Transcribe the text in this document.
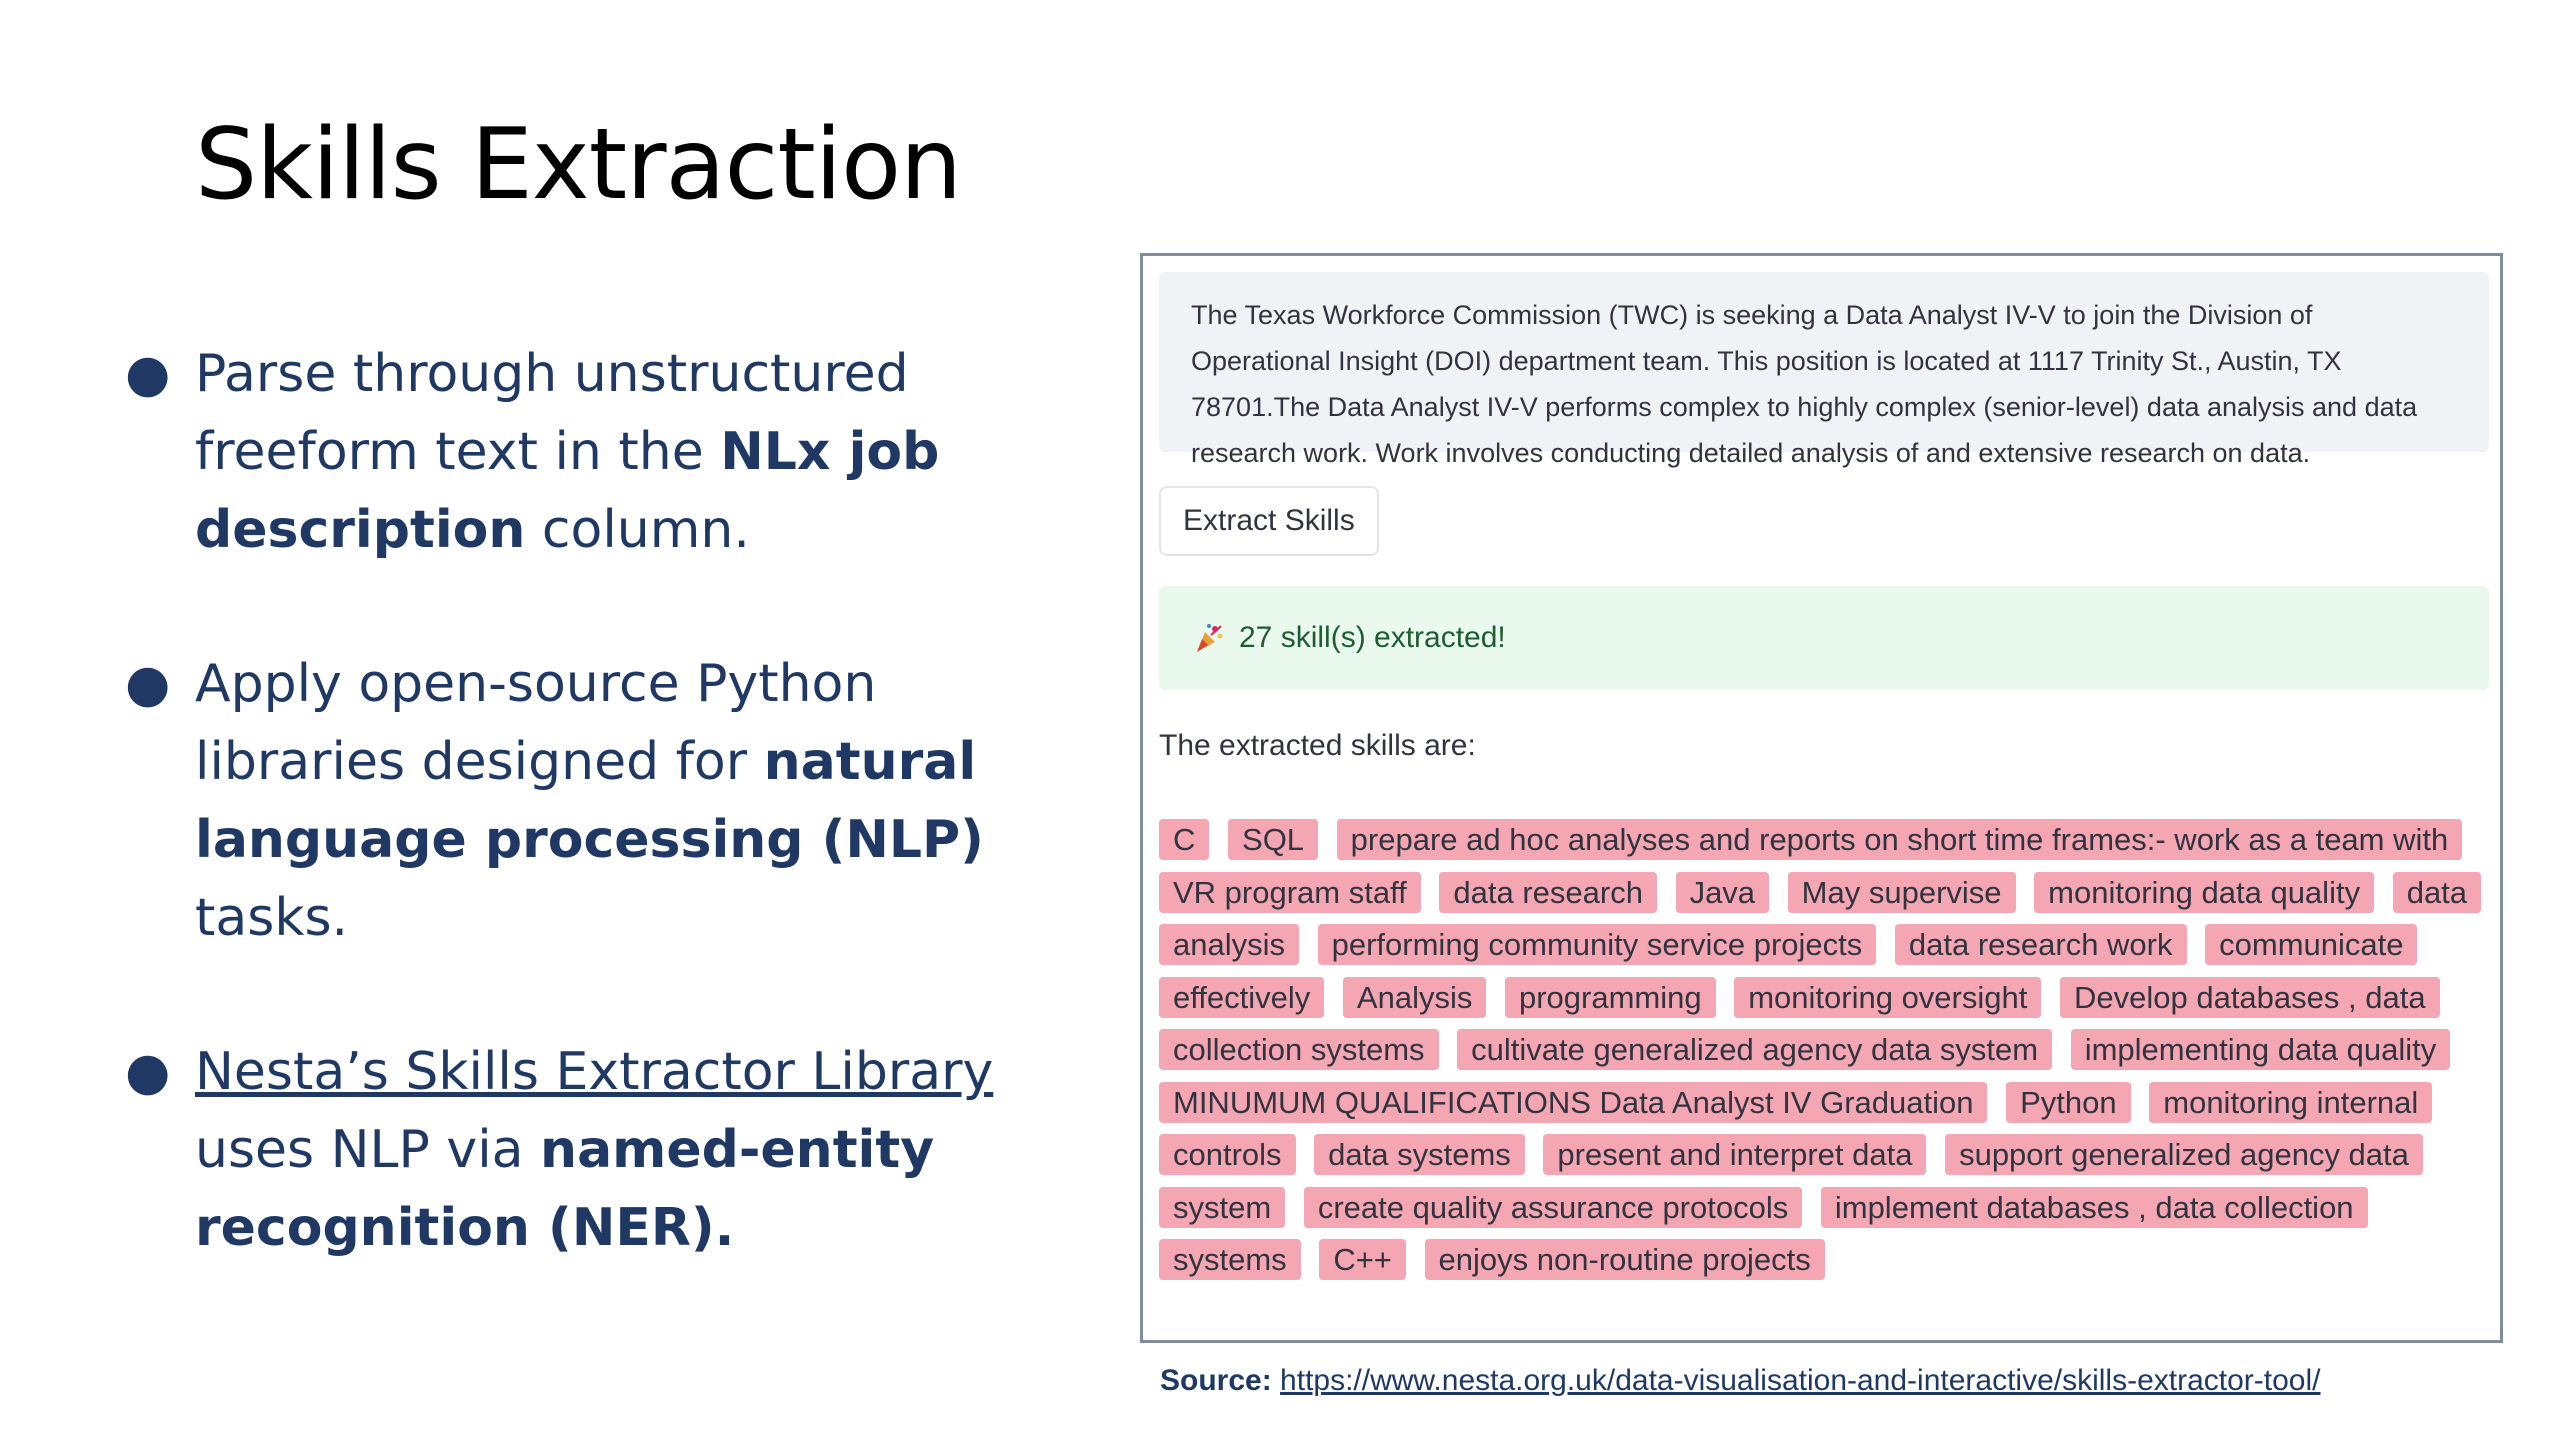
Skills Extraction
● Parse through unstructured freeform text in the NLx job description column.
● Apply open-source Python libraries designed for natural language processing (NLP) tasks.
● Nesta’s Skills Extractor Library uses NLP via named-entity recognition (NER).
The Texas Workforce Commission (TWC) is seeking a Data Analyst IV-V to join the Division of Operational Insight (DOI) department team. This position is located at 1117 Trinity St., Austin, TX 78701.The Data Analyst IV-V performs complex to highly complex (senior-level) data analysis and data research work. Work involves conducting detailed analysis of and extensive research on data.
Extract Skills
27 skill(s) extracted!
The extracted skills are:
C SQL prepare ad hoc analyses and reports on short time frames:- work as a team with VR program staff data research Java May supervise monitoring data quality data analysis performing community service projects data research work communicate effectively Analysis programming monitoring oversight Develop databases , data collection systems cultivate generalized agency data system implementing data quality MINUMUM QUALIFICATIONS Data Analyst IV Graduation Python monitoring internal controls data systems present and interpret data support generalized agency data system create quality assurance protocols implement databases , data collection systems C++ enjoys non-routine projects
Source: https://www.nesta.org.uk/data-visualisation-and-interactive/skills-extractor-tool/
